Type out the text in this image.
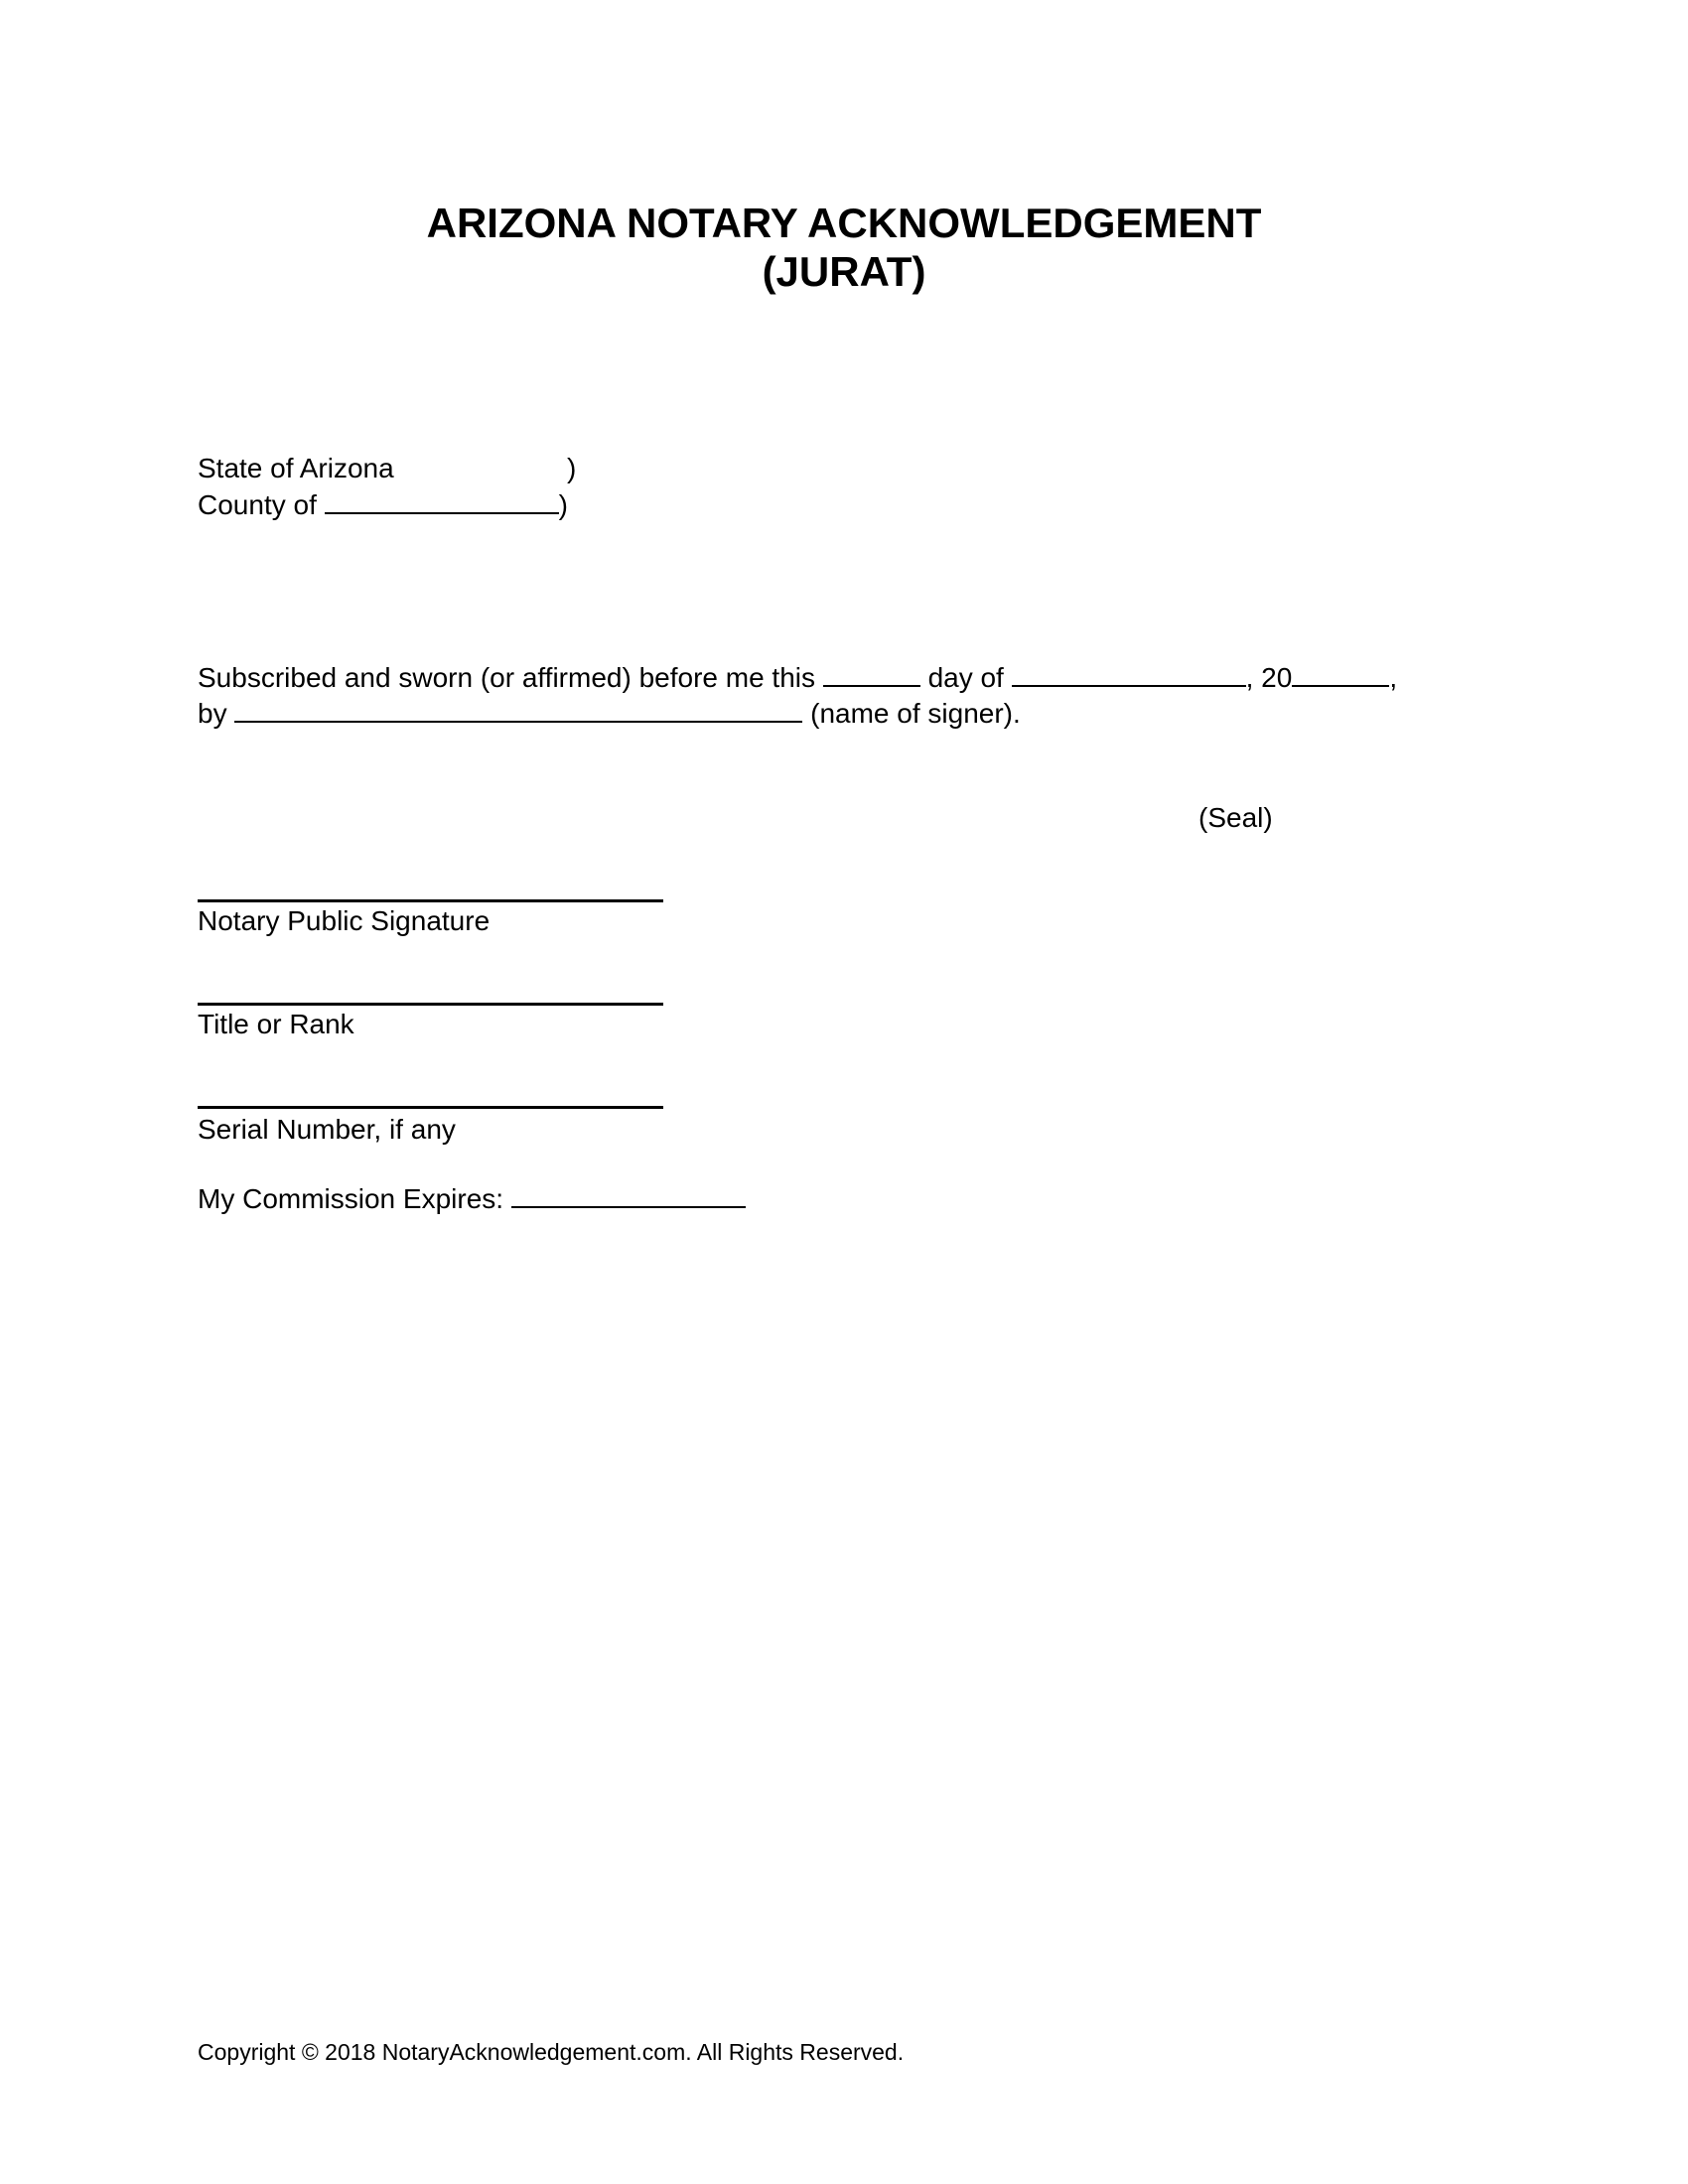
ARIZONA NOTARY ACKNOWLEDGEMENT
(JURAT)
State of Arizona	)
County of	)
Subscribed and sworn (or affirmed) before me this	day of	, 20	,
by	(name of signer).
(Seal)
Notary Public Signature
Title or Rank
Serial Number, if any
My Commission Expires:
Copyright © 2018 NotaryAcknowledgement.com. All Rights Reserved.
